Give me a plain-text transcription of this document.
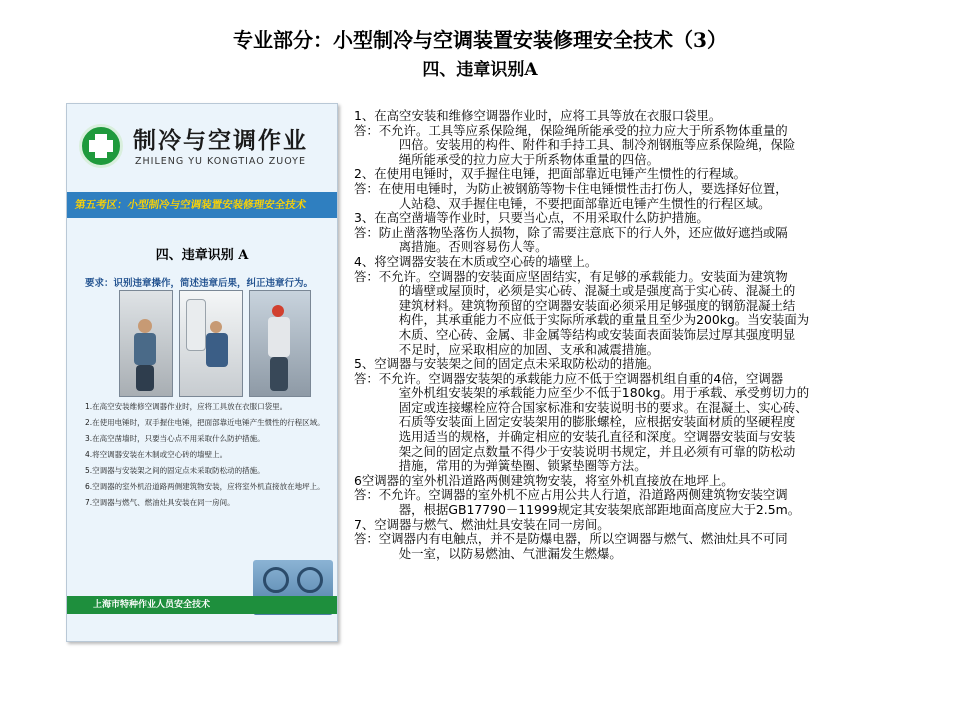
专业部分：小型制冷与空调装置安装修理安全技术（3）
四、违章识别A
制冷与空调作业
ZHILENG YU KONGTIAO ZUOYE
第五考区：小型制冷与空调装置安装修理安全技术
四、违章识别 A
要求：识别违章操作，简述违章后果，纠正违章行为。
1.在高空安装维修空调器作业时，应将工具放在衣服口袋里。
2.在使用电锤时，双手握住电锤，把面部靠近电锤产生惯性的行程区域。
3.在高空凿墙时，只要当心点不用采取什么防护措施。
4.将空调器安装在木制或空心砖的墙壁上。
5.空调器与安装架之间的固定点未采取防松动的措施。
6.空调器的室外机沿道路两侧建筑物安装，应将室外机直接放在地坪上。
7.空调器与燃气、燃油灶具安装在同一房间。
上海市特种作业人员安全技术
1、在高空安装和维修空调器作业时，应将工具等放在衣服口袋里。
答： 不允许。工具等应系保险绳，保险绳所能承受的拉力应大于所系物体重量的
四倍。安装用的构件、附件和手持工具、制冷剂钢瓶等应系保险绳，保险
绳所能承受的拉力应大于所系物体重量的四倍。
2、在使用电锤时，双手握住电锤，把面部靠近电锤产生惯性的行程域。
答： 在使用电锤时，为防止被钢筋等物卡住电锤惯性击打伤人，要选择好位置，
人站稳、双手握住电锤，不要把面部靠近电锤产生惯性的行程区域。
3、在高空凿墙等作业时，只要当心点，不用采取什么防护措施。
答： 防止凿落物坠落伤人损物，除了需要注意底下的行人外，还应做好遮挡或隔
离措施。否则容易伤人等。
4、将空调器安装在木质或空心砖的墙壁上。
答： 不允许。空调器的安装面应坚固结实，有足够的承载能力。安装面为建筑物
的墙壁或屋顶时，必须是实心砖、混凝土或是强度高于实心砖、混凝土的
建筑材料。建筑物预留的空调器安装面必须采用足够强度的钢筋混凝土结
构件，其承重能力不应低于实际所承载的重量且至少为200kg。当安装面为
木质、空心砖、金属、非金属等结构或安装面表面装饰层过厚其强度明显
不足时，应采取相应的加固、支承和减震措施。
5、空调器与安装架之间的固定点未采取防松动的措施。
答： 不允许。空调器安装架的承载能力应不低于空调器机组自重的4倍，空调器
室外机组安装架的承载能力应至少不低于180kg。用于承载、承受剪切力的
固定或连接螺栓应符合国家标准和安装说明书的要求。在混凝土、实心砖、
石质等安装面上固定安装架用的膨胀螺栓，应根据安装面材质的坚硬程度
选用适当的规格，并确定相应的安装孔直径和深度。空调器安装面与安装
架之间的固定点数量不得少于安装说明书规定，并且必须有可靠的防松动
措施，常用的为弹簧垫圈、锁紧垫圈等方法。
6空调器的室外机沿道路两侧建筑物安装，将室外机直接放在地坪上。
答： 不允许。空调器的室外机不应占用公共人行道，沿道路两侧建筑物安装空调
器，根据GB17790－11999规定其安装架底部距地面高度应大于2.5m。
7、空调器与燃气、燃油灶具安装在同一房间。
答： 空调器内有电触点，并不是防爆电器，所以空调器与燃气、燃油灶具不可同
处一室，以防易燃油、气泄漏发生燃爆。
